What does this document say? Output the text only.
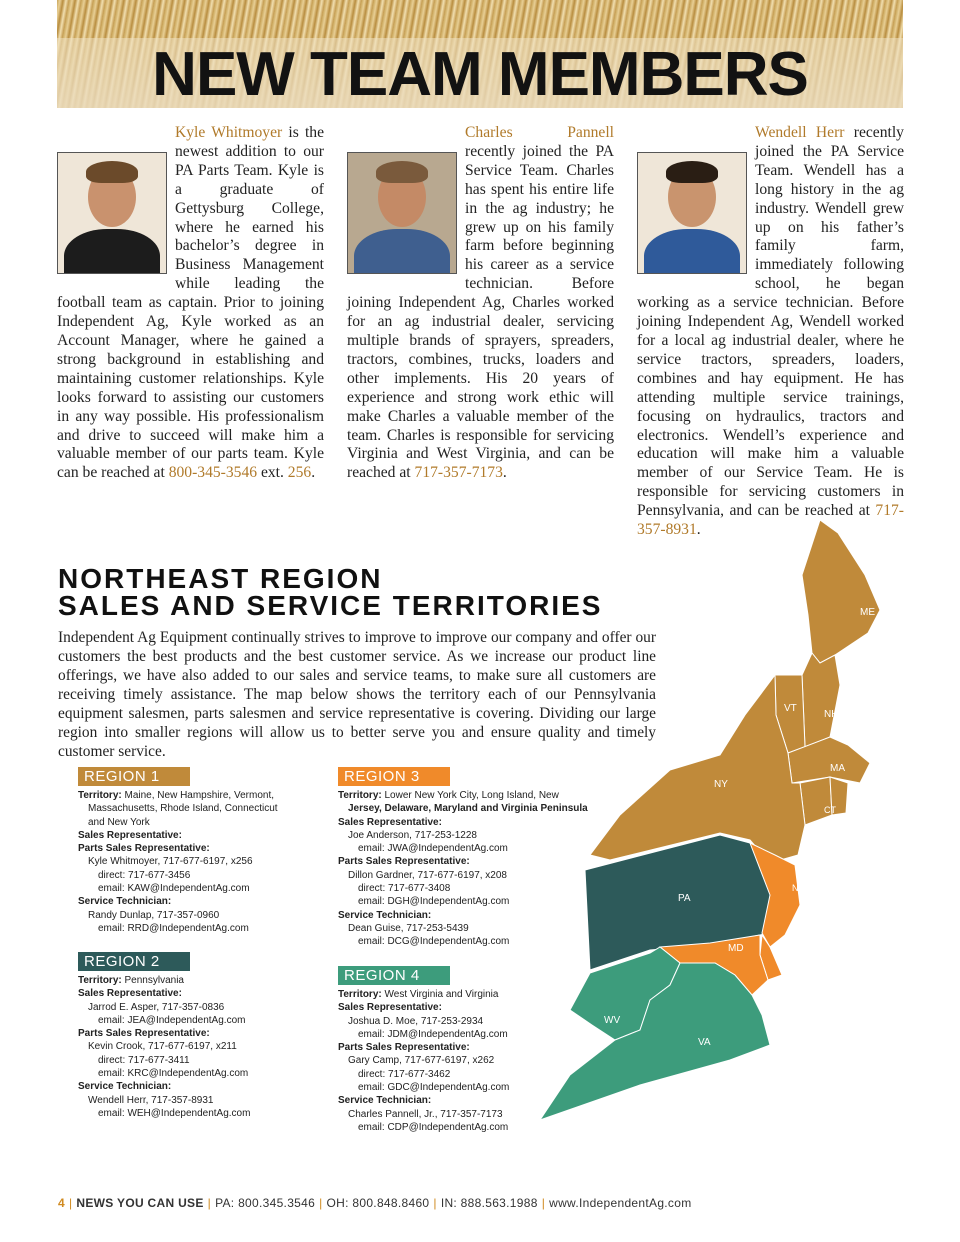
NEW TEAM MEMBERS
Kyle Whitmoyer is the newest addition to our PA Parts Team. Kyle is a graduate of Gettysburg College, where he earned his bachelor’s degree in Business Management while leading the football team as captain. Prior to joining Independent Ag, Kyle worked as an Account Manager, where he gained a strong background in establishing and maintaining customer relationships. Kyle looks forward to assisting our customers in any way possible. His professionalism and drive to succeed will make him a valuable member of our parts team. Kyle can be reached at 800-345-3546 ext. 256.
Charles Pannell recently joined the PA Service Team. Charles has spent his entire life in the ag industry; he grew up on his family farm before beginning his career as a service technician. Before joining Independent Ag, Charles worked for an ag industrial dealer, servicing multiple brands of sprayers, spreaders, tractors, combines, trucks, loaders and other implements. His 20 years of experience and strong work ethic will make Charles a valuable member of the team. Charles is responsible for servicing Virginia and West Virginia, and can be reached at 717-357-7173.
Wendell Herr recently joined the PA Service Team. Wendell has a long history in the ag industry. Wendell grew up on his father’s family farm, immediately following school, he began working as a service technician. Before joining Independent Ag, Wendell worked for a local ag industrial dealer, where he service tractors, spreaders, loaders, combines and hay equipment. He has attending multiple service trainings, focusing on hydraulics, tractors and electronics. Wendell’s experience and education will make him a valuable member of our Service Team. He is responsible for servicing customers in Pennsylvania, and can be reached at 717-357-8931.
NORTHEAST REGION
SALES AND SERVICE TERRITORIES
Independent Ag Equipment continually strives to improve to improve our company and offer our customers the best products and the best customer service. As we increase our product line offerings, we have also added to our sales and service teams, to make sure all customers are receiving timely assistance. The map below shows the territory each of our Pennsylvania equipment salesmen, parts salesmen and service representative is covering. Dividing our large region into smaller regions will allow us to better serve you and ensure quality and timely customer service.
REGION 1
Territory: Maine, New Hampshire, Vermont,
Massachusetts, Rhode Island, Connecticut
and New York
Sales Representative:
Parts Sales Representative:
Kyle Whitmoyer, 717-677-6197, x256
direct: 717-677-3456
email: KAW@IndependentAg.com
Service Technician:
Randy Dunlap, 717-357-0960
email: RRD@IndependentAg.com
REGION 2
Territory: Pennsylvania
Sales Representative:
Jarrod E. Asper, 717-357-0836
email: JEA@IndependentAg.com
Parts Sales Representative:
Kevin Crook, 717-677-6197, x211
direct: 717-677-3411
email: KRC@IndependentAg.com
Service Technician:
Wendell Herr, 717-357-8931
email: WEH@IndependentAg.com
REGION 3
Territory: Lower New York City, Long Island, New
Jersey, Delaware, Maryland and Virginia Peninsula
Sales Representative:
Joe Anderson, 717-253-1228
email: JWA@IndependentAg.com
Parts Sales Representative:
Dillon Gardner, 717-677-6197, x208
direct: 717-677-3408
email: DGH@IndependentAg.com
Service Technician:
Dean Guise, 717-253-5439
email: DCG@IndependentAg.com
REGION 4
Territory: West Virginia and Virginia
Sales Representative:
Joshua D. Moe, 717-253-2934
email: JDM@IndependentAg.com
Parts Sales Representative:
Gary Camp, 717-677-6197, x262
direct: 717-677-3462
email: GDC@IndependentAg.com
Service Technician:
Charles Pannell, Jr., 717-357-7173
email: CDP@IndependentAg.com
ME
VT
NH
MA
NY
CT
RI
PA
NJ
MD
DE
WV
VA
4 | NEWS YOU CAN USE | PA: 800.345.3546 | OH: 800.848.8460 | IN: 888.563.1988 | www.IndependentAg.com
